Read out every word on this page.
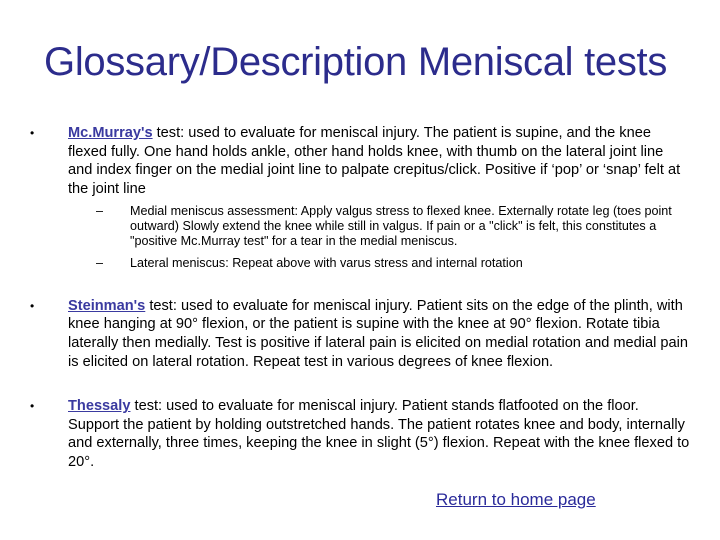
Glossary/Description Meniscal tests
•	Mc.Murray's test: used to evaluate for meniscal injury. The patient is supine, and the knee flexed fully. One hand holds ankle, other hand holds knee, with thumb on the lateral joint line and index finger on the medial joint line to palpate crepitus/click. Positive if ‘pop’ or ‘snap’ felt at the joint line
– Medial meniscus assessment: Apply valgus stress to flexed knee. Externally rotate leg (toes point outward) Slowly extend the knee while still in valgus. If pain or a "click" is felt, this constitutes a "positive Mc.Murray test" for a tear in the medial meniscus.
– Lateral meniscus: Repeat above with varus stress and internal rotation
•	Steinman's test: used to evaluate for meniscal injury. Patient sits on the edge of the plinth, with knee hanging at 90° flexion, or the patient is supine with the knee at 90° flexion. Rotate tibia laterally then medially. Test is positive if lateral pain is elicited on medial rotation and medial pain is elicited on lateral rotation. Repeat test in various degrees of knee flexion.
•	Thessaly test: used to evaluate for meniscal injury. Patient stands flatfooted on the floor. Support the patient by holding outstretched hands. The patient rotates knee and body, internally and externally, three times, keeping the knee in slight (5°) flexion. Repeat with the knee flexed to 20°.
Return to home page
